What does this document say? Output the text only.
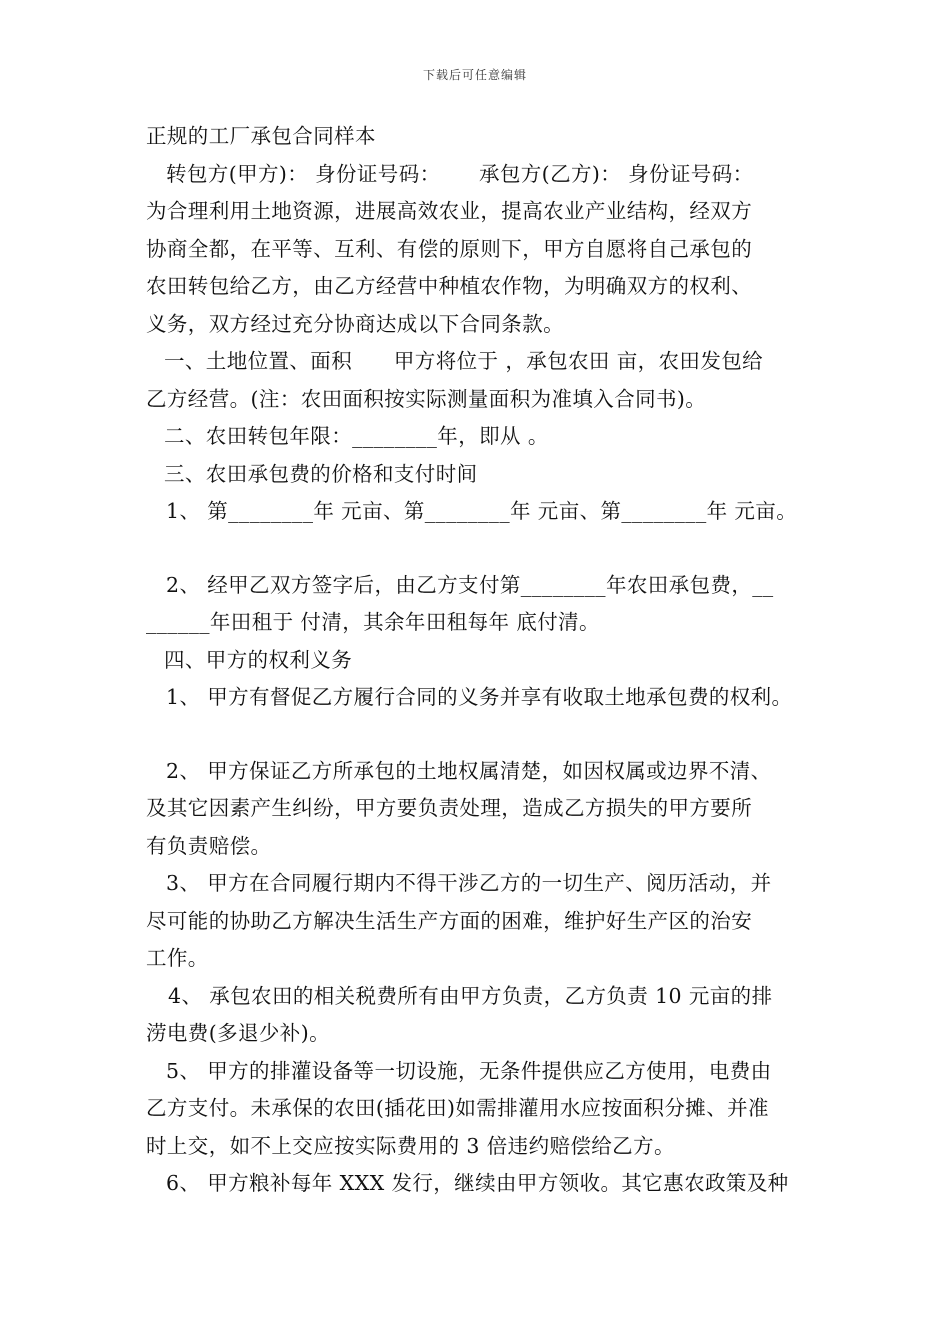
下载后可任意编辑
正规的工厂承包合同样本
转包方(甲方)： 身份证号码：　　 承包方(乙方)： 身份证号码：
为合理利用土地资源，进展高效农业，提高农业产业结构，经双方
协商全都，在平等、互利、有偿的原则下，甲方自愿将自己承包的
农田转包给乙方，由乙方经营中种植农作物，为明确双方的权利、
义务，双方经过充分协商达成以下合同条款。
一、土地位置、面积　　甲方将位于 ，承包农田 亩，农田发包给
乙方经营。(注：农田面积按实际测量面积为准填入合同书)。
二、农田转包年限：________年，即从 。
三、农田承包费的价格和支付时间
1、 第________年 元亩、第________年 元亩、第________年 元亩。
2、 经甲乙双方签字后，由乙方支付第________年农田承包费，__
______年田租于 付清，其余年田租每年 底付清。
四、甲方的权利义务
1、 甲方有督促乙方履行合同的义务并享有收取土地承包费的权利。
2、 甲方保证乙方所承包的土地权属清楚，如因权属或边界不清、
及其它因素产生纠纷，甲方要负责处理，造成乙方损失的甲方要所
有负责赔偿。
3、 甲方在合同履行期内不得干涉乙方的一切生产、阅历活动，并
尽可能的协助乙方解决生活生产方面的困难，维护好生产区的治安
工作。
4、 承包农田的相关税费所有由甲方负责，乙方负责 10 元亩的排
涝电费(多退少补)。
5、 甲方的排灌设备等一切设施，无条件提供应乙方使用，电费由
乙方支付。未承保的农田(插花田)如需排灌用水应按面积分摊、并准
时上交，如不上交应按实际费用的 3 倍违约赔偿给乙方。
6、 甲方粮补每年 XXX 发行，继续由甲方领收。其它惠农政策及种
